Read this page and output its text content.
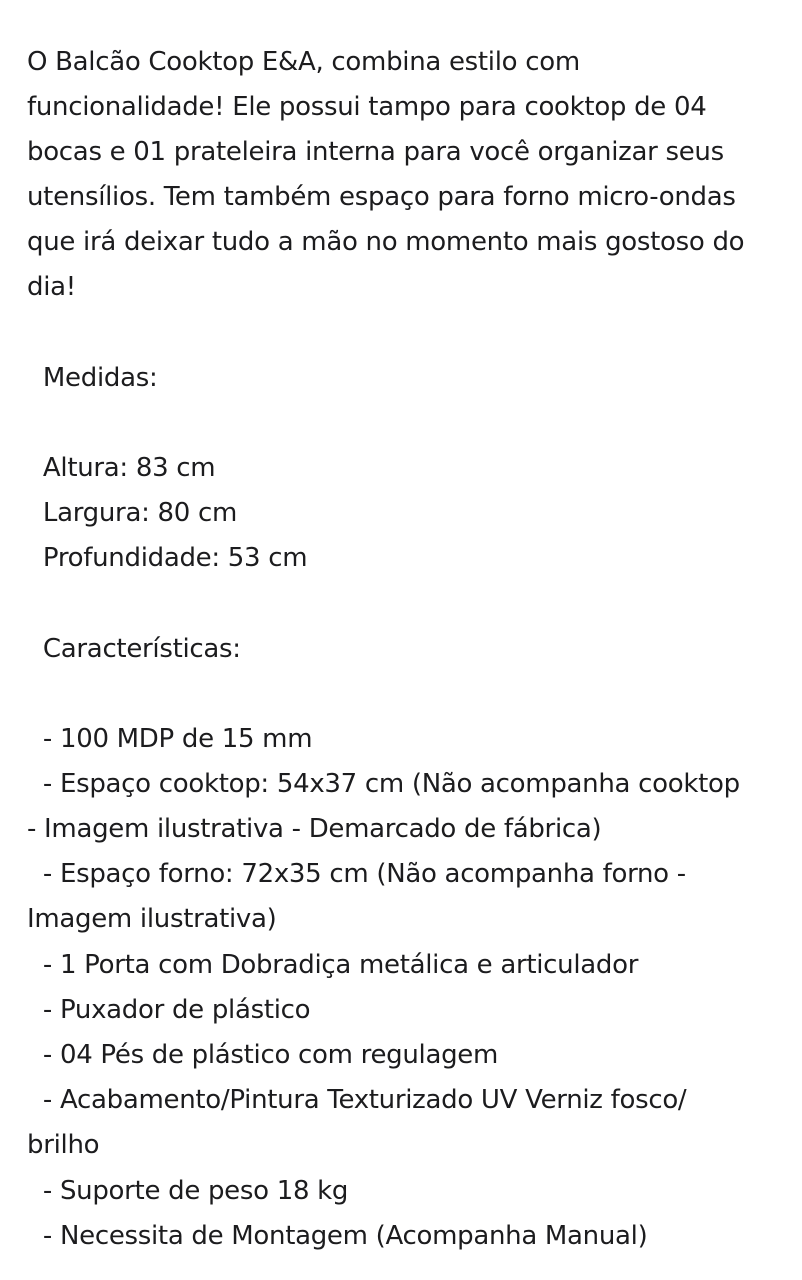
O Balcão Cooktop E&A, combina estilo com

funcionalidade! Ele possui tampo para cooktop de 04

bocas e 01 prateleira interna para você organizar seus

utensílios. Tem também espaço para forno micro-ondas

que irá deixar tudo a mão no momento mais gostoso do

dia!

Medidas:

Altura: 83 cm

Largura: 80 cm

Profundidade: 53 cm

Características:

- 100 MDP de 15 mm

- Espaço cooktop: 54x37 cm (Não acompanha cooktop

- Imagem ilustrativa - Demarcado de fábrica)

- Espaço forno: 72x35 cm (Não acompanha forno -

Imagem ilustrativa)

- 1 Porta com Dobradiça metálica e articulador

- Puxador de plástico

- 04 Pés de plástico com regulagem

- Acabamento/Pintura Texturizado UV Verniz fosco/

brilho

- Suporte de peso 18 kg

- Necessita de Montagem (Acompanha Manual)
